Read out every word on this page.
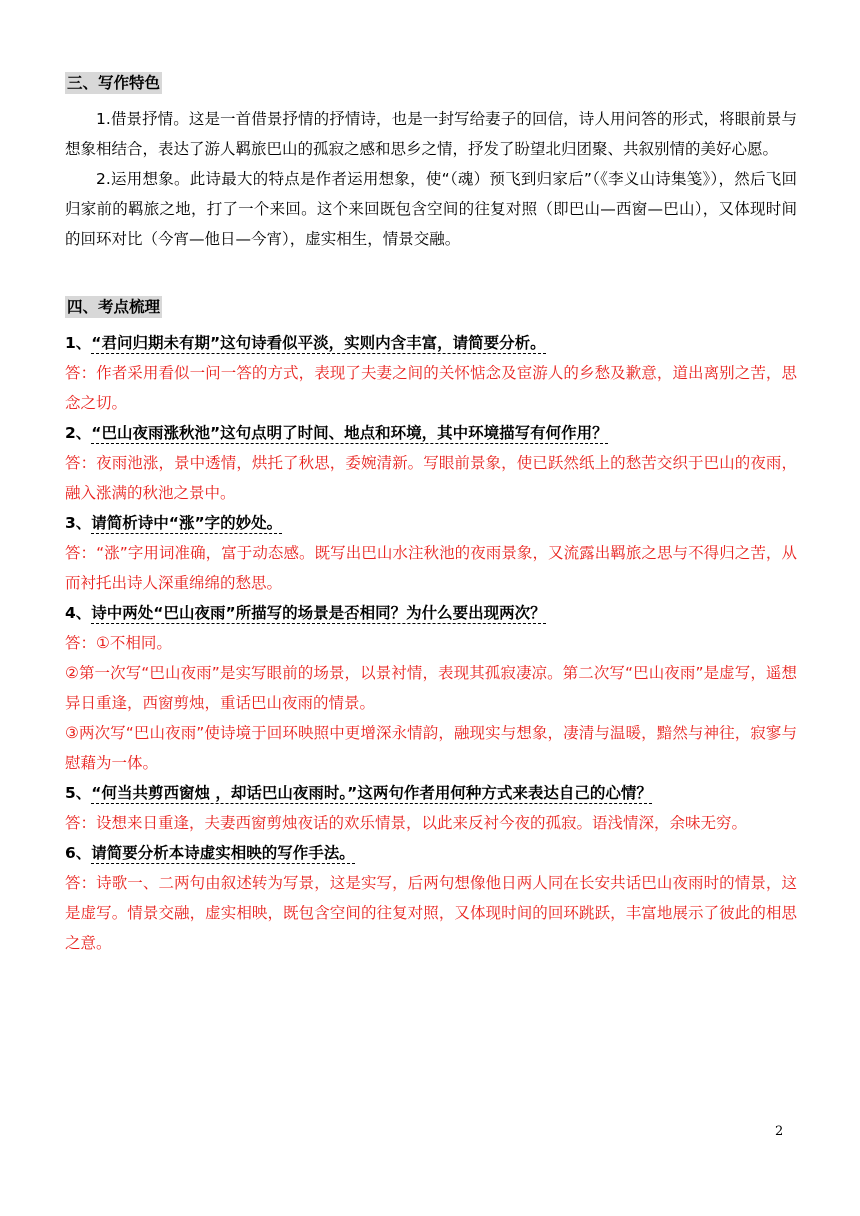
三、写作特色

1.借景抒情。这是一首借景抒情的抒情诗，也是一封写给妻子的回信，诗人用问答的形式，将眼前景与想象相结合，表达了游人羁旅巴山的孤寂之感和思乡之情，抒发了盼望北归团聚、共叙别情的美好心愿。

2.运用想象。此诗最大的特点是作者运用想象，使“（魂）预飞到归家后”（《李义山诗集笺》），然后飞回归家前的羁旅之地，打了一个来回。这个来回既包含空间的往复对照（即巴山—西窗—巴山），又体现时间的回环对比（今宵—他日—今宵），虚实相生，情景交融。

四、考点梳理

1、“君问归期未有期”这句诗看似平淡，实则内含丰富，请简要分析。

答：作者采用看似一问一答的方式，表现了夫妻之间的关怀惦念及宦游人的乡愁及歉意，道出离别之苦，思念之切。

2、“巴山夜雨涨秋池”这句点明了时间、地点和环境，其中环境描写有何作用？

答：夜雨池涨，景中透情，烘托了秋思，委婉清新。写眼前景象，使已跃然纸上的愁苦交织于巴山的夜雨，融入涨满的秋池之景中。

3、请简析诗中“涨”字的妙处。

答：“涨”字用词准确，富于动态感。既写出巴山水注秋池的夜雨景象，又流露出羁旅之思与不得归之苦，从而衬托出诗人深重绵绵的愁思。

4、诗中两处“巴山夜雨”所描写的场景是否相同？为什么要出现两次？

答：①不相同。

②第一次写“巴山夜雨”是实写眼前的场景，以景衬情，表现其孤寂凄凉。第二次写“巴山夜雨”是虚写，遥想异日重逢，西窗剪烛，重话巴山夜雨的情景。

③两次写“巴山夜雨”使诗境于回环映照中更增深永情韵，融现实与想象，凄清与温暖，黯然与神往，寂寥与慰藉为一体。

5、“何当共剪西窗烛 ，却话巴山夜雨时。”这两句作者用何种方式来表达自己的心情？

答：设想来日重逢，夫妻西窗剪烛夜话的欢乐情景，以此来反衬今夜的孤寂。语浅情深，余味无穷。

6、请简要分析本诗虚实相映的写作手法。

答：诗歌一、二两句由叙述转为写景，这是实写，后两句想像他日两人同在长安共话巴山夜雨时的情景，这是虚写。情景交融，虚实相映，既包含空间的往复对照，又体现时间的回环跳跃，丰富地展示了彼此的相思之意。

2
